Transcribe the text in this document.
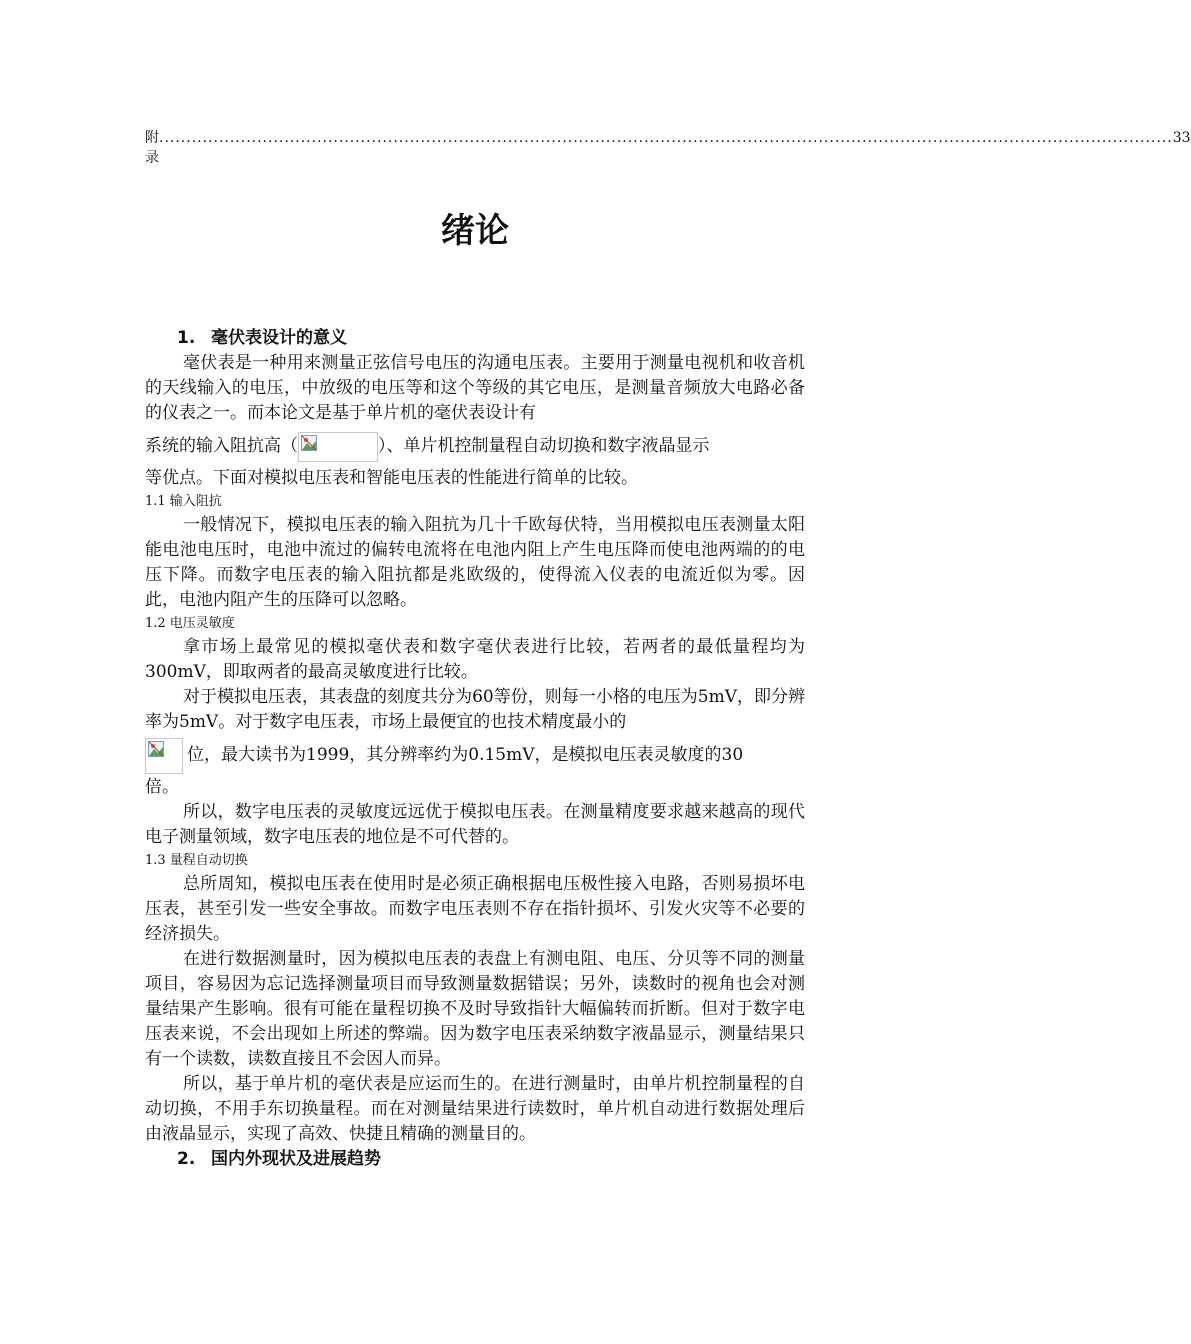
附录
.......................................................................................................................................................................................... 33
绪论
1. 毫伏表设计的意义

毫伏表是一种用来测量正弦信号电压的沟通电压表。主要用于测量电视机和收音机的天线输入的电压，中放级的电压等和这个等级的其它电压，是测量音频放大电路必备的仪表之一。而本论文是基于单片机的毫伏表设计有

系统的输入阻抗高（	）、单片机控制量程自动切换和数字液晶显示

等优点。下面对模拟电压表和智能电压表的性能进行简单的比较。

1.1 输入阻抗

一般情况下，模拟电压表的输入阻抗为几十千欧每伏特，当用模拟电压表测量太阳能电池电压时，电池中流过的偏转电流将在电池内阻上产生电压降而使电池两端的的电压下降。而数字电压表的输入阻抗都是兆欧级的，使得流入仪表的电流近似为零。因此，电池内阻产生的压降可以忽略。

1.2 电压灵敏度

拿市场上最常见的模拟毫伏表和数字毫伏表进行比较，若两者的最低量程均为300mV，即取两者的最高灵敏度进行比较。

对于模拟电压表，其表盘的刻度共分为60等份，则每一小格的电压为5mV，即分辨率为5mV。对于数字电压表，市场上最便宜的也技术精度最小的

位，最大读书为1999，其分辨率约为0.15mV，是模拟电压表灵敏度的30

倍。

所以，数字电压表的灵敏度远远优于模拟电压表。在测量精度要求越来越高的现代电子测量领域，数字电压表的地位是不可代替的。

1.3 量程自动切换

总所周知，模拟电压表在使用时是必须正确根据电压极性接入电路，否则易损坏电压表，甚至引发一些安全事故。而数字电压表则不存在指针损坏、引发火灾等不必要的经济损失。

在进行数据测量时，因为模拟电压表的表盘上有测电阻、电压、分贝等不同的测量项目，容易因为忘记选择测量项目而导致测量数据错误；另外，读数时的视角也会对测量结果产生影响。很有可能在量程切换不及时导致指针大幅偏转而折断。但对于数字电压表来说，不会出现如上所述的弊端。因为数字电压表采纳数字液晶显示，测量结果只有一个读数，读数直接且不会因人而异。

所以，基于单片机的毫伏表是应运而生的。在进行测量时，由单片机控制量程的自动切换，不用手东切换量程。而在对测量结果进行读数时，单片机自动进行数据处理后由液晶显示，实现了高效、快捷且精确的测量目的。

2. 国内外现状及进展趋势
